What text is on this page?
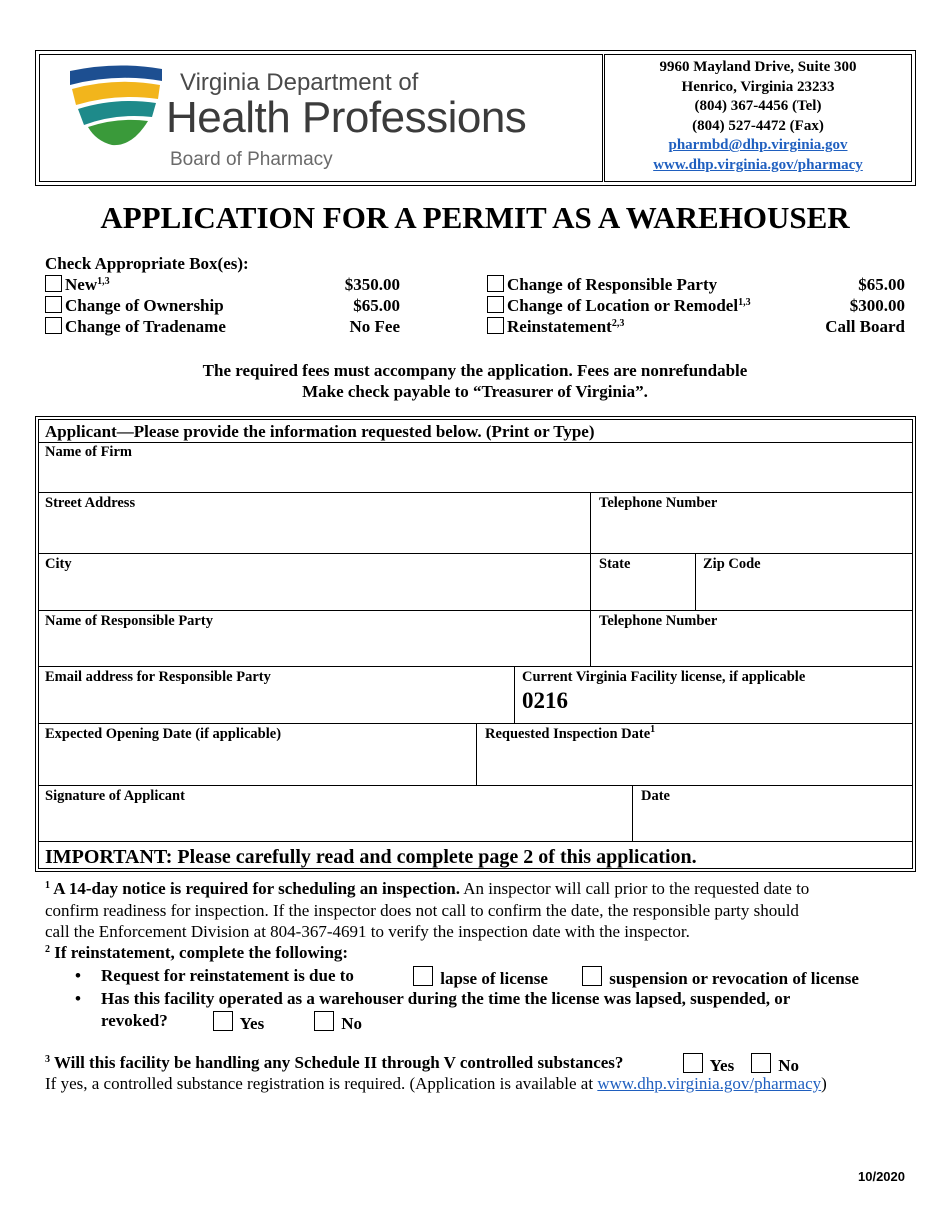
Virginia Department of
Health Professions
Board of Pharmacy
9960 Mayland Drive, Suite 300
Henrico, Virginia 23233
(804) 367-4456 (Tel)
(804) 527-4472 (Fax)
pharmbd@dhp.virginia.gov
www.dhp.virginia.gov/pharmacy
APPLICATION FOR A PERMIT AS A WAREHOUSER
Check Appropriate Box(es):
New$^{1,3}$	$350.00
Change of Ownership	$65.00
Change of Tradename	No Fee
Change of Responsible Party	$65.00
Change of Location or Remodel$^{1,3}$	$300.00
Reinstatement$^{2,3}$	Call Board
The required fees must accompany the application. Fees are nonrefundable
Make check payable to “Treasurer of Virginia”.
Applicant—Please provide the information requested below. (Print or Type)
Name of Firm
Street Address	Telephone Number
City	State	Zip Code
Name of Responsible Party	Telephone Number
Email address for Responsible Party	Current Virginia Facility license, if applicable
0216
Expected Opening Date (if applicable)	Requested Inspection Date$^1$
Signature of Applicant	Date
IMPORTANT: Please carefully read and complete page 2 of this application.
$^1$ A 14-day notice is required for scheduling an inspection. An inspector will call prior to the requested date to
confirm readiness for inspection. If the inspector does not call to confirm the date, the responsible party should
call the Enforcement Division at 804-367-4691 to verify the inspection date with the inspector.
$^2$ If reinstatement, complete the following:
• Request for reinstatement is due to	lapse of license	suspension or revocation of license
• Has this facility operated as a warehouser during the time the license was lapsed, suspended, or
revoked?	Yes	No
$^3$ Will this facility be handling any Schedule II through V controlled substances?	Yes	No
If yes, a controlled substance registration is required. (Application is available at www.dhp.virginia.gov/pharmacy)
10/2020
